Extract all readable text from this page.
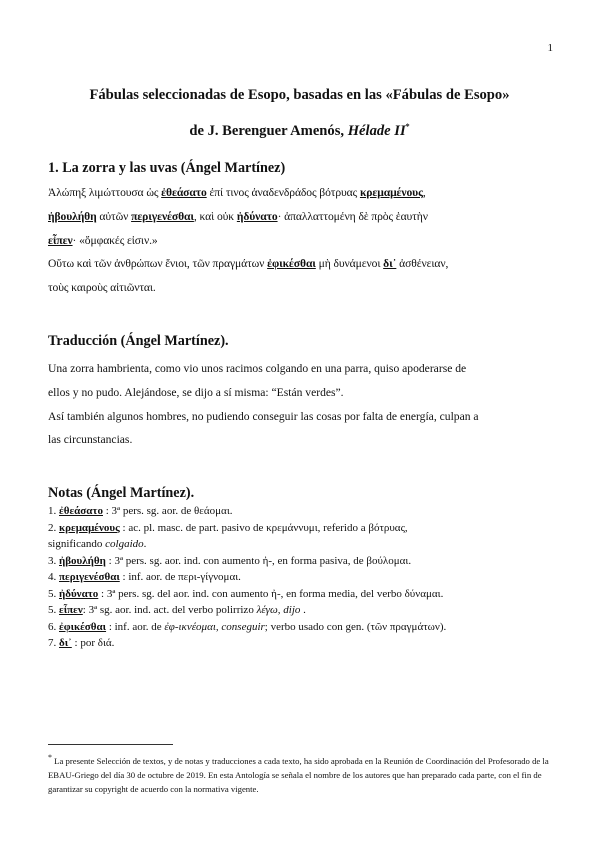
1
Fábulas seleccionadas de Esopo, basadas en las «Fábulas de Esopo»
de J. Berenguer Amenós, Hélade II*
1. La zorra y las uvas (Ángel Martínez)
Ἀλώπηξ λιμώττουσα ὡς ἐθεάσατο ἐπί τινος ἀναδενδράδος βότρυας κρεμαμένους,
ἠβουλήθη αὐτῶν περιγενέσθαι, καὶ οὐκ ἠδύνατο· ἀπαλλαττομένη δὲ πρὸς ἑαυτὴν
εἶπεν· «ὄμφακές εἰσιν.»
Οὕτω καὶ τῶν ἀνθρώπων ἔνιοι, τῶν πραγμάτων ἐφικέσθαι μὴ δυνάμενοι δι᾿ ἀσθένειαν,
τοὺς καιροὺς αἰτιῶνται.
Traducción (Ángel Martínez).
Una zorra hambrienta, como vio unos racimos colgando en una parra, quiso apoderarse de
ellos y no pudo. Alejándose, se dijo a sí misma: “Están verdes”.
Así también algunos hombres, no pudiendo conseguir las cosas por falta de energía, culpan a
las circunstancias.
Notas (Ángel Martínez).
1. ἐθεάσατο : 3ª pers. sg. aor. de θεάομαι.
2. κρεμαμένους : ac. pl. masc. de part. pasivo de κρεμάννυμι, referido a βότρυας,
significando colgaido.
3. ἠβουλήθη : 3ª pers. sg. aor. ind. con aumento ἠ-, en forma pasiva, de βούλομαι.
4. περιγενέσθαι : inf. aor. de περι-γίγνομαι.
5. ἠδύνατο : 3ª pers. sg. del aor. ind. con aumento ἠ-, en forma media, del verbo δύναμαι.
5. εἶπεν: 3ª sg. aor. ind. act. del verbo polirrizo λέγω, dijo .
6. ἐφικέσθαι : inf. aor. de ἐφ-ικνέομαι, conseguir; verbo usado con gen. (τῶν πραγμάτων).
7. δι᾿ : por διά.
* La presente Selección de textos, y de notas y traducciones a cada texto, ha sido aprobada en la Reunión de Coordinación del Profesorado de la EBAU-Griego del día 30 de octubre de 2019. En esta Antología se señala el nombre de los autores que han preparado cada parte, con el fin de garantizar su copyright de acuerdo con la normativa vigente.
